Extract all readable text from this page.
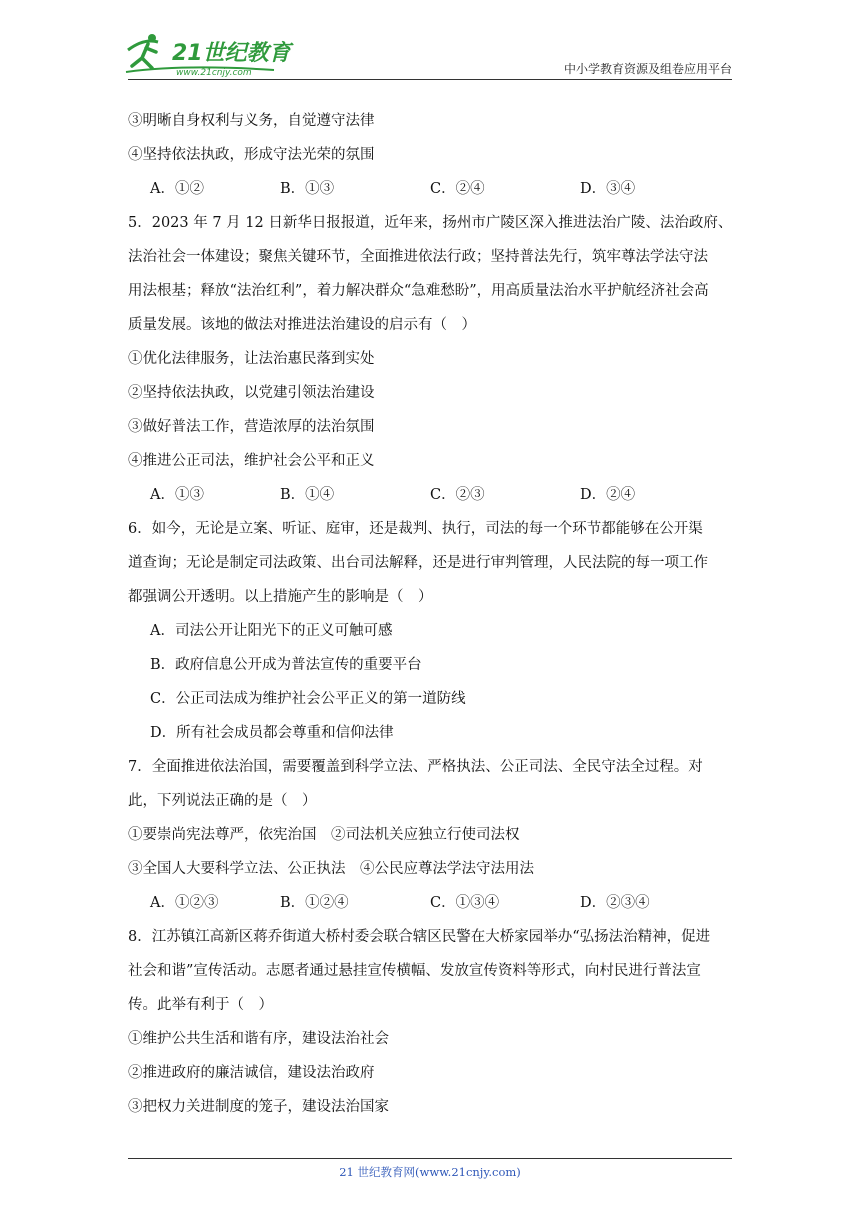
21世纪教育
www.21cnjy.com	中小学教育资源及组卷应用平台
③明晰自身权利与义务，自觉遵守法律
④坚持依法执政，形成守法光荣的氛围
A．①②	B．①③	C．②④	D．③④
5．2023 年 7 月 12 日新华日报报道，近年来，扬州市广陵区深入推进法治广陵、法治政府、
法治社会一体建设；聚焦关键环节，全面推进依法行政；坚持普法先行，筑牢尊法学法守法
用法根基；释放“法治红利”，着力解决群众“急难愁盼”，用高质量法治水平护航经济社会高
质量发展。该地的做法对推进法治建设的启示有（　）
①优化法律服务，让法治惠民落到实处
②坚持依法执政，以党建引领法治建设
③做好普法工作，营造浓厚的法治氛围
④推进公正司法，维护社会公平和正义
A．①③	B．①④	C．②③	D．②④
6．如今，无论是立案、听证、庭审，还是裁判、执行，司法的每一个环节都能够在公开渠
道查询；无论是制定司法政策、出台司法解释，还是进行审判管理，人民法院的每一项工作
都强调公开透明。以上措施产生的影响是（　）
A．司法公开让阳光下的正义可触可感
B．政府信息公开成为普法宣传的重要平台
C．公正司法成为维护社会公平正义的第一道防线
D．所有社会成员都会尊重和信仰法律
7．全面推进依法治国，需要覆盖到科学立法、严格执法、公正司法、全民守法全过程。对
此，下列说法正确的是（　）
①要崇尚宪法尊严，依宪治国　②司法机关应独立行使司法权
③全国人大要科学立法、公正执法　④公民应尊法学法守法用法
A．①②③	B．①②④	C．①③④	D．②③④
8．江苏镇江高新区蒋乔街道大桥村委会联合辖区民警在大桥家园举办“弘扬法治精神，促进
社会和谐”宣传活动。志愿者通过悬挂宣传横幅、发放宣传资料等形式，向村民进行普法宣
传。此举有利于（　）
①维护公共生活和谐有序，建设法治社会
②推进政府的廉洁诚信，建设法治政府
③把权力关进制度的笼子，建设法治国家
21 世纪教育网(www.21cnjy.com)
